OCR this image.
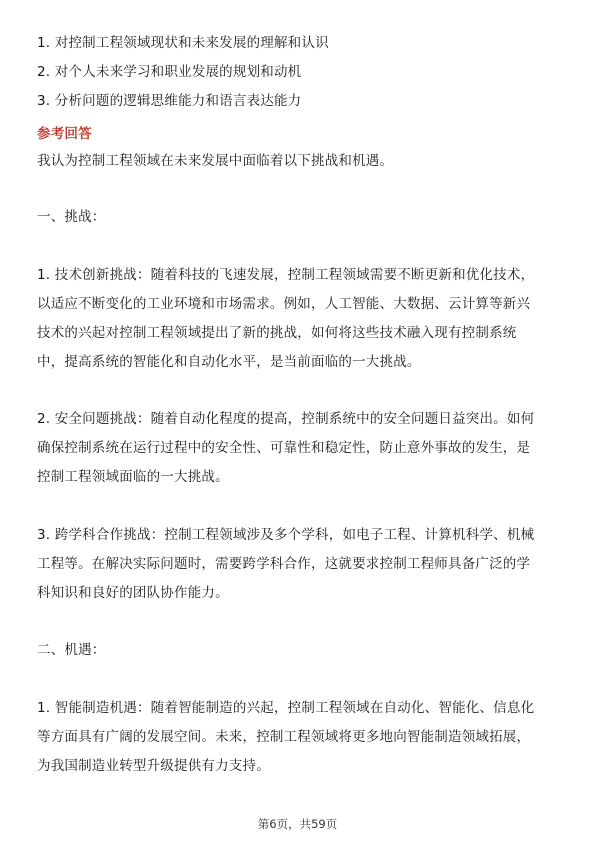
1. 对控制工程领域现状和未来发展的理解和认识
2. 对个人未来学习和职业发展的规划和动机
3. 分析问题的逻辑思维能力和语言表达能力
参考回答
我认为控制工程领域在未来发展中面临着以下挑战和机遇。
一、挑战：
1. 技术创新挑战：随着科技的飞速发展，控制工程领域需要不断更新和优化技术，
以适应不断变化的工业环境和市场需求。例如，人工智能、大数据、云计算等新兴
技术的兴起对控制工程领域提出了新的挑战，如何将这些技术融入现有控制系统
中，提高系统的智能化和自动化水平，是当前面临的一大挑战。
2. 安全问题挑战：随着自动化程度的提高，控制系统中的安全问题日益突出。如何
确保控制系统在运行过程中的安全性、可靠性和稳定性，防止意外事故的发生，是
控制工程领域面临的一大挑战。
3. 跨学科合作挑战：控制工程领域涉及多个学科，如电子工程、计算机科学、机械
工程等。在解决实际问题时，需要跨学科合作，这就要求控制工程师具备广泛的学
科知识和良好的团队协作能力。
二、机遇：
1. 智能制造机遇：随着智能制造的兴起，控制工程领域在自动化、智能化、信息化
等方面具有广阔的发展空间。未来，控制工程领域将更多地向智能制造领域拓展，
为我国制造业转型升级提供有力支持。
第6页，共59页
